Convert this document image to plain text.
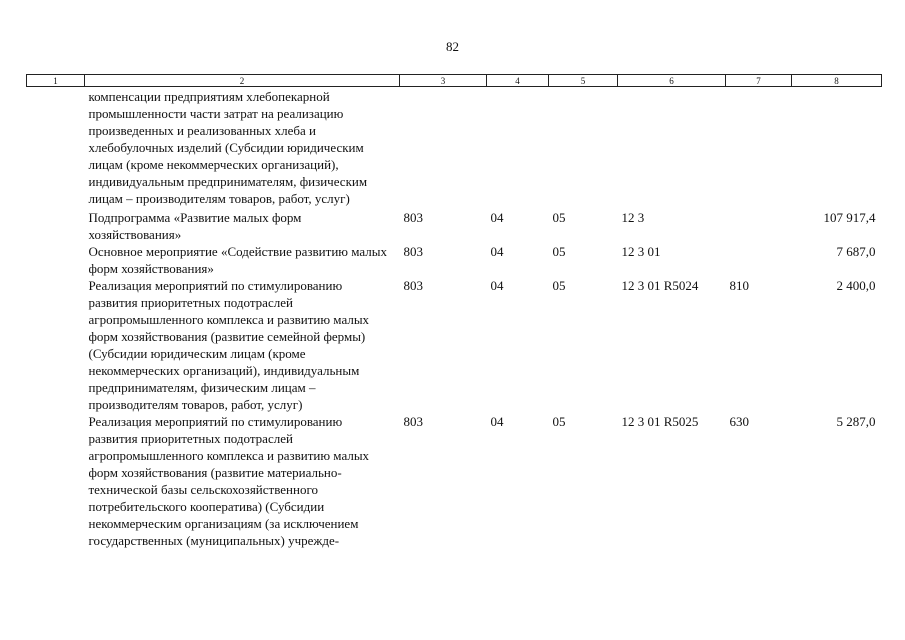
82
1	2	3	4	5	6	7	8
	компенсации предприятиям хлебопекарной промышленности части затрат на реализацию произведенных и реализованных хлеба и хлебобулочных изделий (Субсидии юридическим лицам (кроме некоммерческих организаций), индивидуальным предпринимателям, физическим лицам – производителям товаров, работ, услуг)						
	Подпрограмма «Развитие малых форм хозяйствования»	803	04	05	12 3		107 917,4
	Основное мероприятие «Содействие развитию малых форм хозяйствования»	803	04	05	12 3 01		7 687,0
	Реализация мероприятий по стимулированию развития приоритетных подотраслей агропромышленного комплекса и развитию малых форм хозяйствования (развитие семейной фермы) (Субсидии юридическим лицам (кроме некоммерческих организаций), индивидуальным предпринимателям, физическим лицам – производителям товаров, работ, услуг)	803	04	05	12 3 01 R5024	810	2 400,0
	Реализация мероприятий по стимулированию развития приоритетных подотраслей агропромышленного комплекса и развитию малых форм хозяйствования (развитие материально-технической базы сельскохозяйственного потребительского кооператива) (Субсидии некоммерческим организациям (за исключением государственных (муниципальных) учрежде-	803	04	05	12 3 01 R5025	630	5 287,0
